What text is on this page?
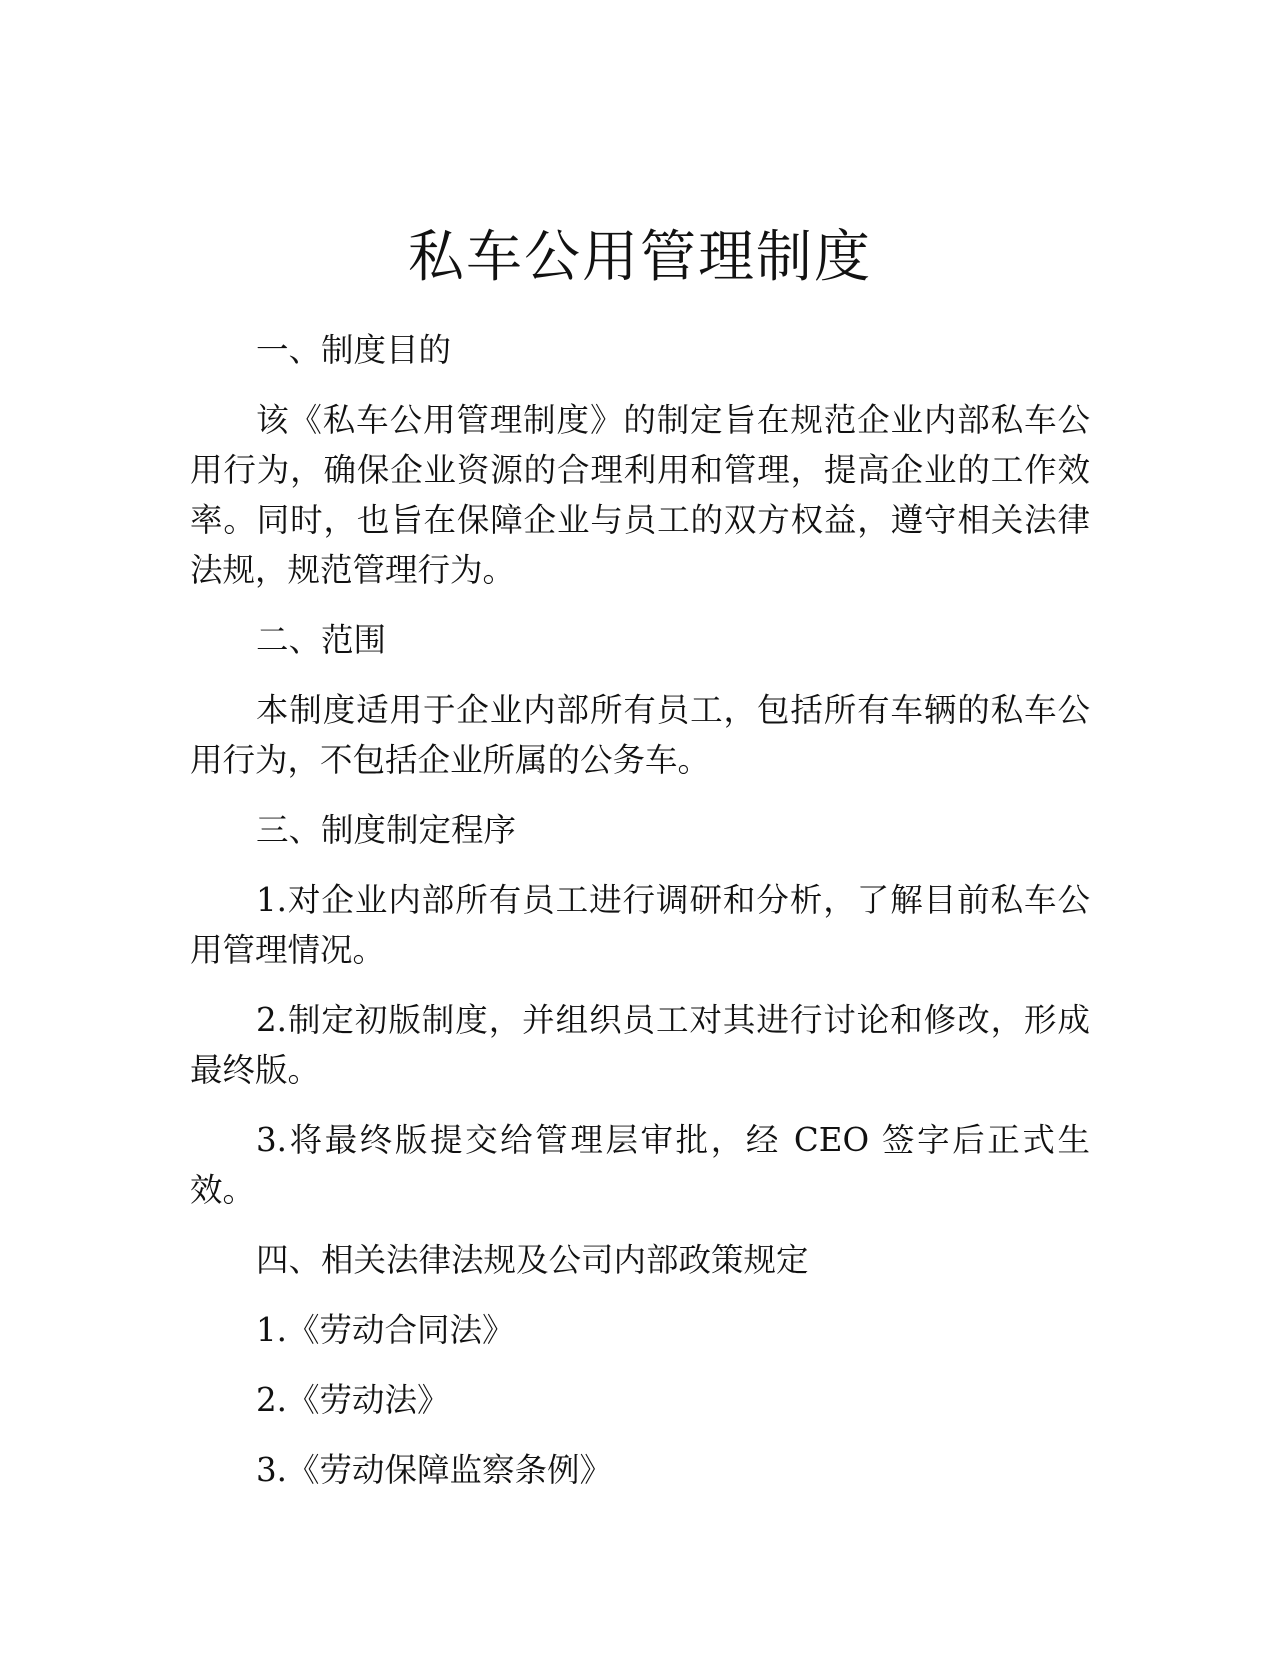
私车公用管理制度

一、制度目的

该《私车公用管理制度》的制定旨在规范企业内部私车公用行为，确保企业资源的合理利用和管理，提高企业的工作效率。同时，也旨在保障企业与员工的双方权益，遵守相关法律法规，规范管理行为。

二、范围

本制度适用于企业内部所有员工，包括所有车辆的私车公用行为，不包括企业所属的公务车。

三、制度制定程序

1.对企业内部所有员工进行调研和分析，了解目前私车公用管理情况。

2.制定初版制度，并组织员工对其进行讨论和修改，形成最终版。

3.将最终版提交给管理层审批，经 CEO 签字后正式生效。

四、相关法律法规及公司内部政策规定

1.《劳动合同法》

2.《劳动法》

3.《劳动保障监察条例》
